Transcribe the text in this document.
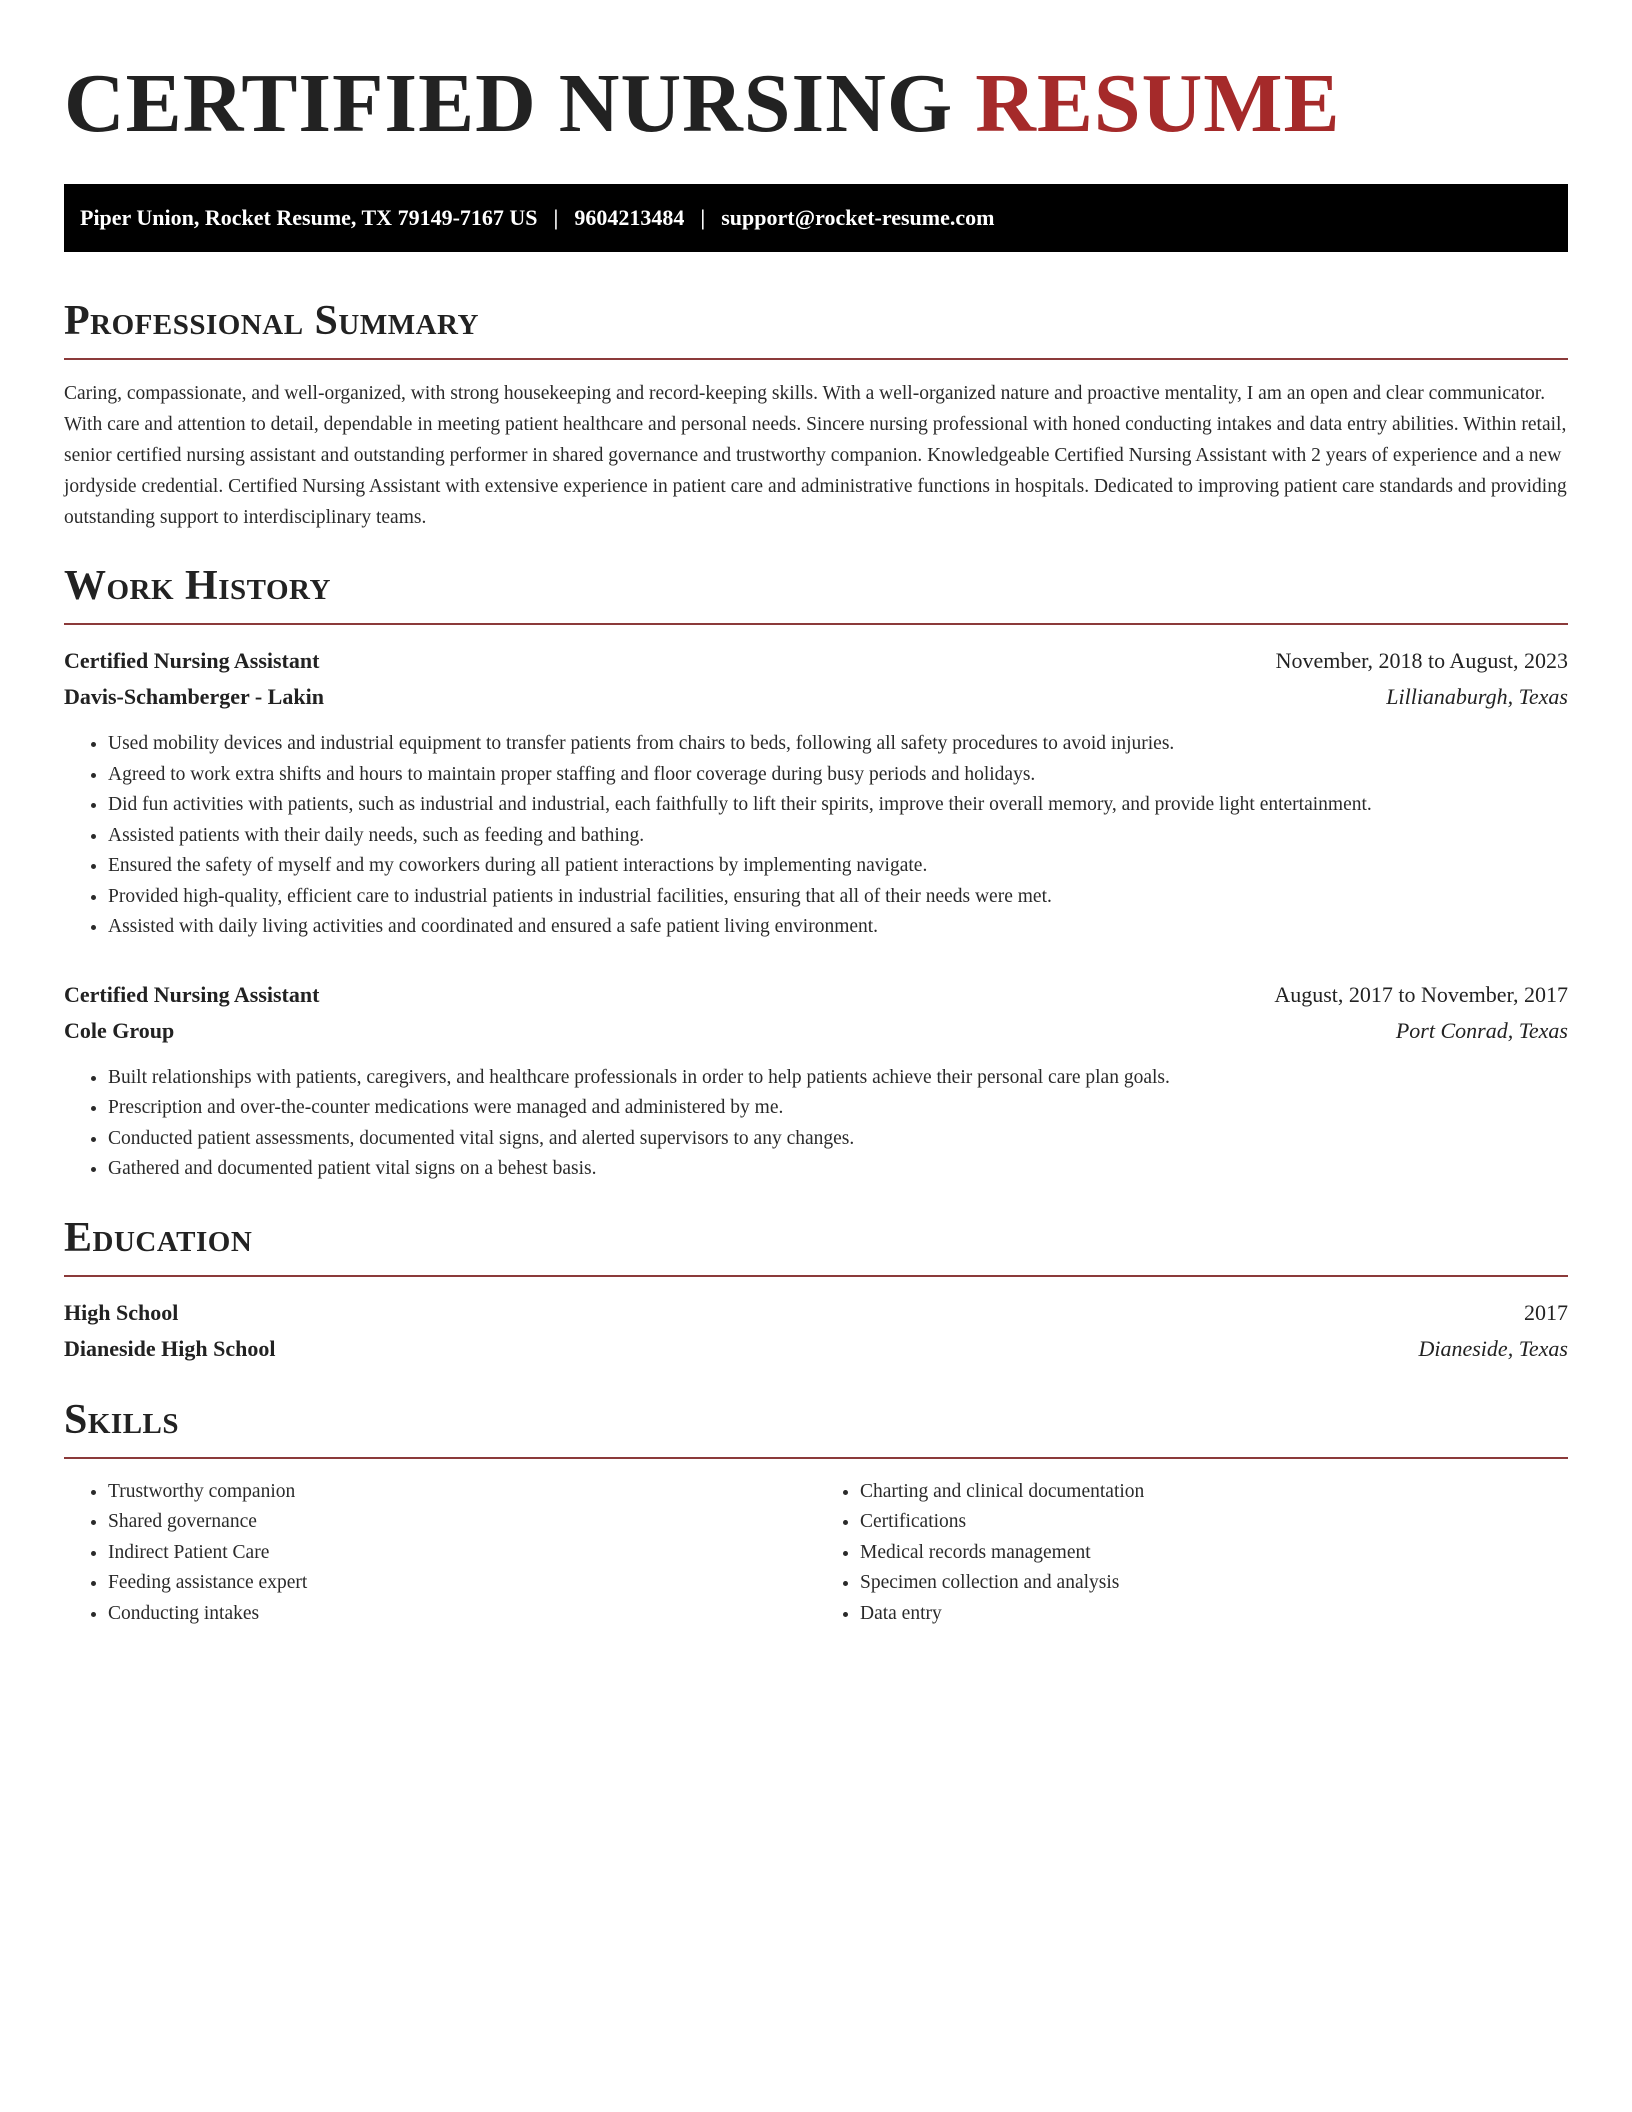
CERTIFIED NURSING RESUME
Piper Union, Rocket Resume, TX 79149-7167 US | 9604213484 | support@rocket-resume.com
Professional Summary

Caring, compassionate, and well-organized, with strong housekeeping and record-keeping skills. With a well-organized nature and proactive mentality, I am an open and clear communicator. With care and attention to detail, dependable in meeting patient healthcare and personal needs. Sincere nursing professional with honed conducting intakes and data entry abilities. Within retail, senior certified nursing assistant and outstanding performer in shared governance and trustworthy companion. Knowledgeable Certified Nursing Assistant with 2 years of experience and a new jordyside credential. Certified Nursing Assistant with extensive experience in patient care and administrative functions in hospitals. Dedicated to improving patient care standards and providing outstanding support to interdisciplinary teams.

Work History
Certified Nursing Assistant	November, 2018 to August, 2023
Davis-Schamberger - Lakin	Lillianaburgh, Texas
• Used mobility devices and industrial equipment to transfer patients from chairs to beds, following all safety procedures to avoid injuries.
• Agreed to work extra shifts and hours to maintain proper staffing and floor coverage during busy periods and holidays.
• Did fun activities with patients, such as industrial and industrial, each faithfully to lift their spirits, improve their overall memory, and provide light entertainment.
• Assisted patients with their daily needs, such as feeding and bathing.
• Ensured the safety of myself and my coworkers during all patient interactions by implementing navigate.
• Provided high-quality, efficient care to industrial patients in industrial facilities, ensuring that all of their needs were met.
• Assisted with daily living activities and coordinated and ensured a safe patient living environment.
Certified Nursing Assistant	August, 2017 to November, 2017
Cole Group	Port Conrad, Texas
• Built relationships with patients, caregivers, and healthcare professionals in order to help patients achieve their personal care plan goals.
• Prescription and over-the-counter medications were managed and administered by me.
• Conducted patient assessments, documented vital signs, and alerted supervisors to any changes.
• Gathered and documented patient vital signs on a behest basis.
Education
High School	2017
Dianeside High School	Dianeside, Texas
Skills
• Trustworthy companion
• Shared governance
• Indirect Patient Care
• Feeding assistance expert
• Conducting intakes
• Charting and clinical documentation
• Certifications
• Medical records management
• Specimen collection and analysis
• Data entry
